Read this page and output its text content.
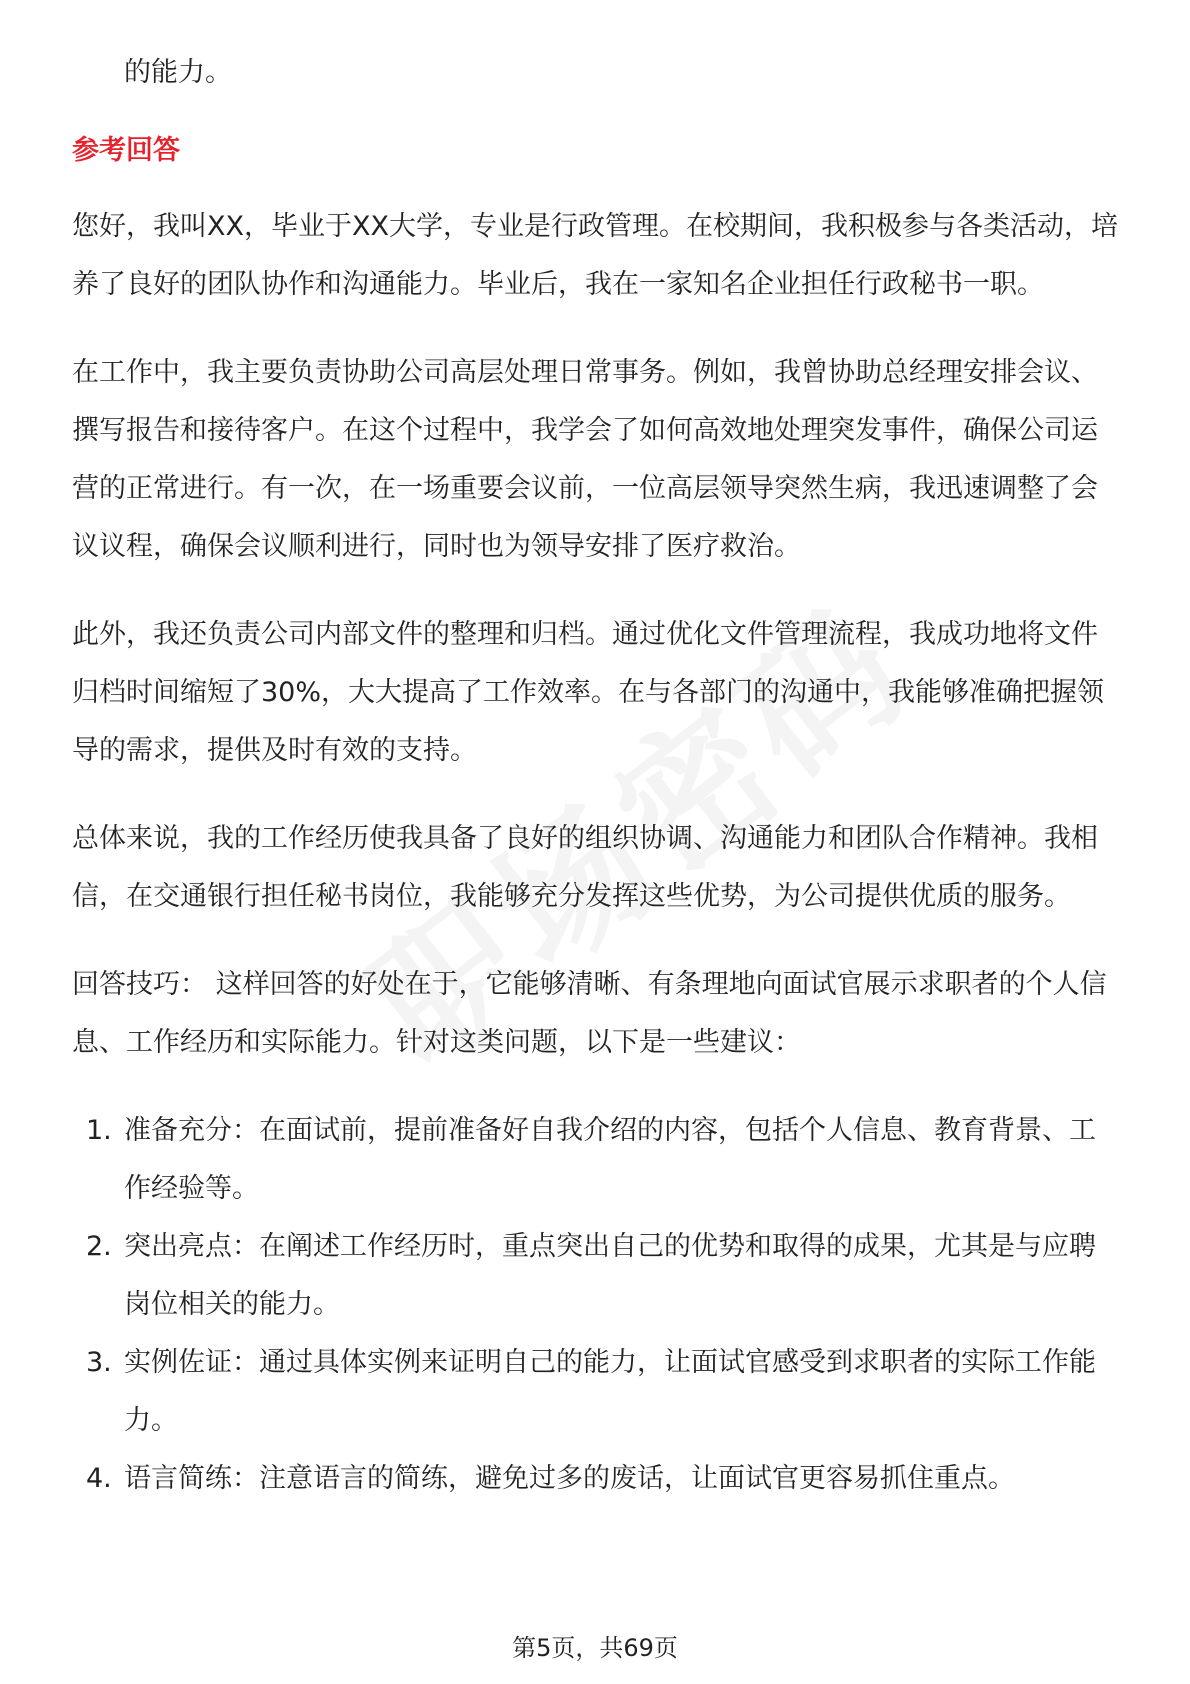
的能力。

参考回答

您好，我叫XX，毕业于XX大学，专业是行政管理。在校期间，我积极参与各类活动，培养了良好的团队协作和沟通能力。毕业后，我在一家知名企业担任行政秘书一职。

在工作中，我主要负责协助公司高层处理日常事务。例如，我曾协助总经理安排会议、撰写报告和接待客户。在这个过程中，我学会了如何高效地处理突发事件，确保公司运营的正常进行。有一次，在一场重要会议前，一位高层领导突然生病，我迅速调整了会议议程，确保会议顺利进行，同时也为领导安排了医疗救治。

此外，我还负责公司内部文件的整理和归档。通过优化文件管理流程，我成功地将文件归档时间缩短了30%，大大提高了工作效率。在与各部门的沟通中，我能够准确把握领导的需求，提供及时有效的支持。

总体来说，我的工作经历使我具备了良好的组织协调、沟通能力和团队合作精神。我相信，在交通银行担任秘书岗位，我能够充分发挥这些优势，为公司提供优质的服务。

回答技巧： 这样回答的好处在于，它能够清晰、有条理地向面试官展示求职者的个人信息、工作经历和实际能力。针对这类问题，以下是一些建议：

1. 准备充分：在面试前，提前准备好自我介绍的内容，包括个人信息、教育背景、工作经验等。
2. 突出亮点：在阐述工作经历时，重点突出自己的优势和取得的成果，尤其是与应聘岗位相关的能力。
3. 实例佐证：通过具体实例来证明自己的能力，让面试官感受到求职者的实际工作能力。
4. 语言简练：注意语言的简练，避免过多的废话，让面试官更容易抓住重点。
第5页，共69页
